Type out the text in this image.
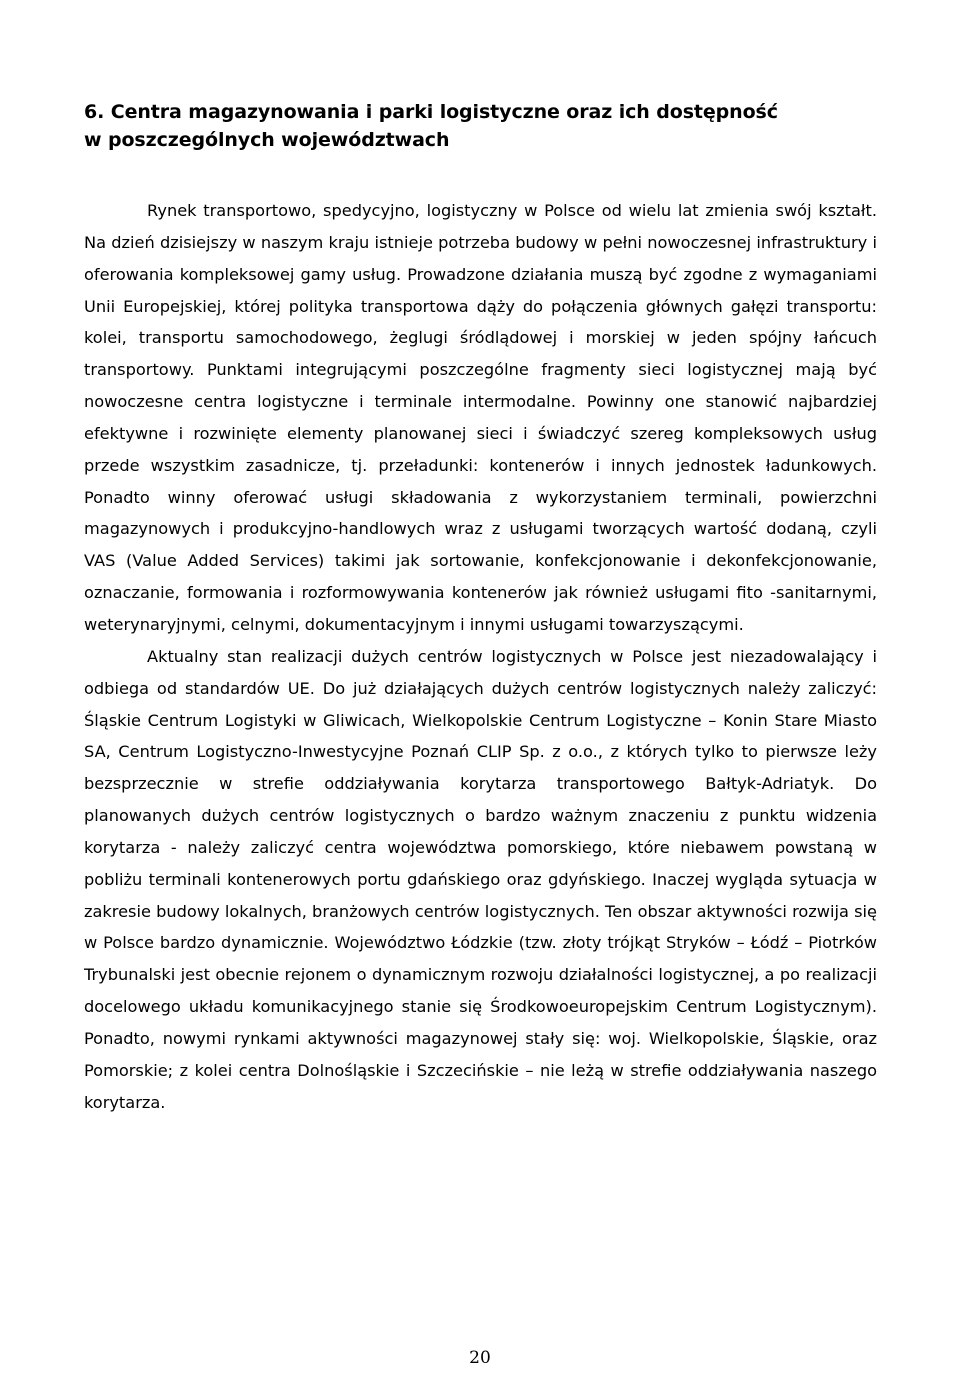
6. Centra magazynowania i parki logistyczne oraz ich dostępność
w poszczególnych województwach

Rynek transportowo, spedycyjno, logistyczny w Polsce od wielu lat zmienia swój kształt. Na dzień dzisiejszy w naszym kraju istnieje potrzeba budowy w pełni nowoczesnej infrastruktury i oferowania kompleksowej gamy usług. Prowadzone działania muszą być zgodne z wymaganiami Unii Europejskiej, której polityka transportowa dąży do połączenia głównych gałęzi transportu: kolei, transportu samochodowego, żeglugi śródlądowej i morskiej w jeden spójny łańcuch transportowy. Punktami integrującymi poszczególne fragmenty sieci logistycznej mają być nowoczesne centra logistyczne i terminale intermodalne. Powinny one stanowić najbardziej efektywne i rozwinięte elementy planowanej sieci i świadczyć szereg kompleksowych usług przede wszystkim zasadnicze, tj. przeładunki: kontenerów i innych jednostek ładunkowych. Ponadto winny oferować usługi składowania z wykorzystaniem terminali, powierzchni magazynowych i produkcyjno-handlowych wraz z usługami tworzących wartość dodaną, czyli VAS (Value Added Services) takimi jak sortowanie, konfekcjonowanie i dekonfekcjonowanie, oznaczanie, formowania i rozformowywania kontenerów jak również usługami fito -sanitarnymi, weterynaryjnymi, celnymi, dokumentacyjnym i innymi usługami towarzyszącymi.

Aktualny stan realizacji dużych centrów logistycznych w Polsce jest niezadowalający i odbiega od standardów UE. Do już działających dużych centrów logistycznych należy zaliczyć: Śląskie Centrum Logistyki w Gliwicach, Wielkopolskie Centrum Logistyczne – Konin Stare Miasto SA, Centrum Logistyczno-Inwestycyjne Poznań CLIP Sp. z o.o., z których tylko to pierwsze leży bezsprzecznie w strefie oddziaływania korytarza transportowego Bałtyk-Adriatyk. Do planowanych dużych centrów logistycznych o bardzo ważnym znaczeniu z punktu widzenia korytarza - należy zaliczyć centra województwa pomorskiego, które niebawem powstaną w pobliżu terminali kontenerowych portu gdańskiego oraz gdyńskiego. Inaczej wygląda sytuacja w zakresie budowy lokalnych, branżowych centrów logistycznych. Ten obszar aktywności rozwija się w Polsce bardzo dynamicznie. Województwo Łódzkie (tzw. złoty trójkąt Stryków – Łódź – Piotrków Trybunalski jest obecnie rejonem o dynamicznym rozwoju działalności logistycznej, a po realizacji docelowego układu komunikacyjnego stanie się Środkowoeuropejskim Centrum Logistycznym). Ponadto, nowymi rynkami aktywności magazynowej stały się: woj. Wielkopolskie, Śląskie, oraz Pomorskie; z kolei centra Dolnośląskie i Szczecińskie – nie leżą w strefie oddziaływania naszego korytarza.

20
